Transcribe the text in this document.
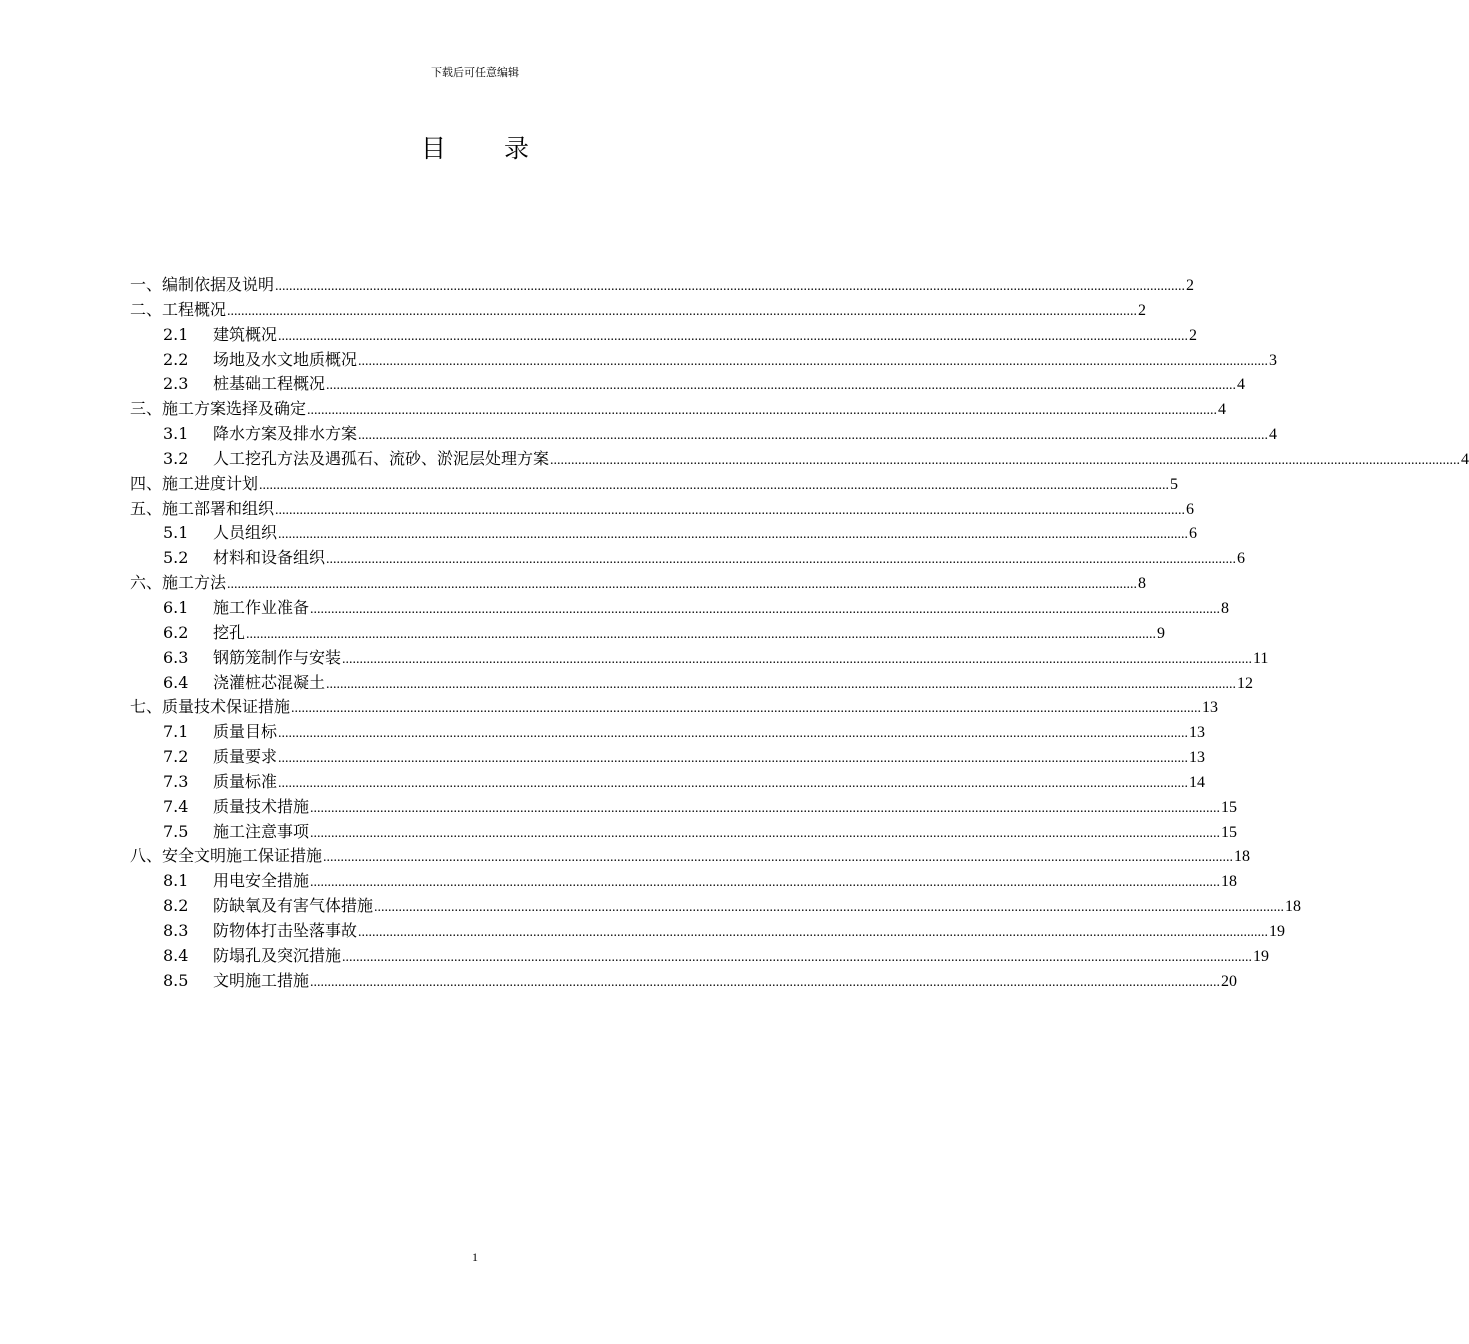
下载后可任意编辑
目录
一、编制依据及说明 .................................................................................................................................................................................................................................................................... 2
二、工程概况 .................................................................................................................................................................................................................................................................... 2
2.1	建筑概况 .................................................................................................................................................................................................................................................................... 2
2.2	场地及水文地质概况 .................................................................................................................................................................................................................................................................... 3
2.3	桩基础工程概况 .................................................................................................................................................................................................................................................................... 4
三、施工方案选择及确定 .................................................................................................................................................................................................................................................................... 4
3.1	降水方案及排水方案 .................................................................................................................................................................................................................................................................... 4
3.2	人工挖孔方法及遇孤石、流砂、淤泥层处理方案 .................................................................................................................................................................................................................................................................... 4
四、施工进度计划 .................................................................................................................................................................................................................................................................... 5
五、施工部署和组织 .................................................................................................................................................................................................................................................................... 6
5.1	人员组织 .................................................................................................................................................................................................................................................................... 6
5.2	材料和设备组织 .................................................................................................................................................................................................................................................................... 6
六、施工方法 .................................................................................................................................................................................................................................................................... 8
6.1	施工作业准备 .................................................................................................................................................................................................................................................................... 8
6.2	挖孔 .................................................................................................................................................................................................................................................................... 9
6.3	钢筋笼制作与安装 .................................................................................................................................................................................................................................................................... 11
6.4	浇灌桩芯混凝土 .................................................................................................................................................................................................................................................................... 12
七、质量技术保证措施 .................................................................................................................................................................................................................................................................... 13
7.1	质量目标 .................................................................................................................................................................................................................................................................... 13
7.2	质量要求 .................................................................................................................................................................................................................................................................... 13
7.3	质量标准 .................................................................................................................................................................................................................................................................... 14
7.4	质量技术措施 .................................................................................................................................................................................................................................................................... 15
7.5	施工注意事项 .................................................................................................................................................................................................................................................................... 15
八、安全文明施工保证措施 .................................................................................................................................................................................................................................................................... 18
8.1	用电安全措施 .................................................................................................................................................................................................................................................................... 18
8.2	防缺氧及有害气体措施 .................................................................................................................................................................................................................................................................... 18
8.3	防物体打击坠落事故 .................................................................................................................................................................................................................................................................... 19
8.4	防塌孔及突沉措施 .................................................................................................................................................................................................................................................................... 19
8.5	文明施工措施 .................................................................................................................................................................................................................................................................... 20
1
